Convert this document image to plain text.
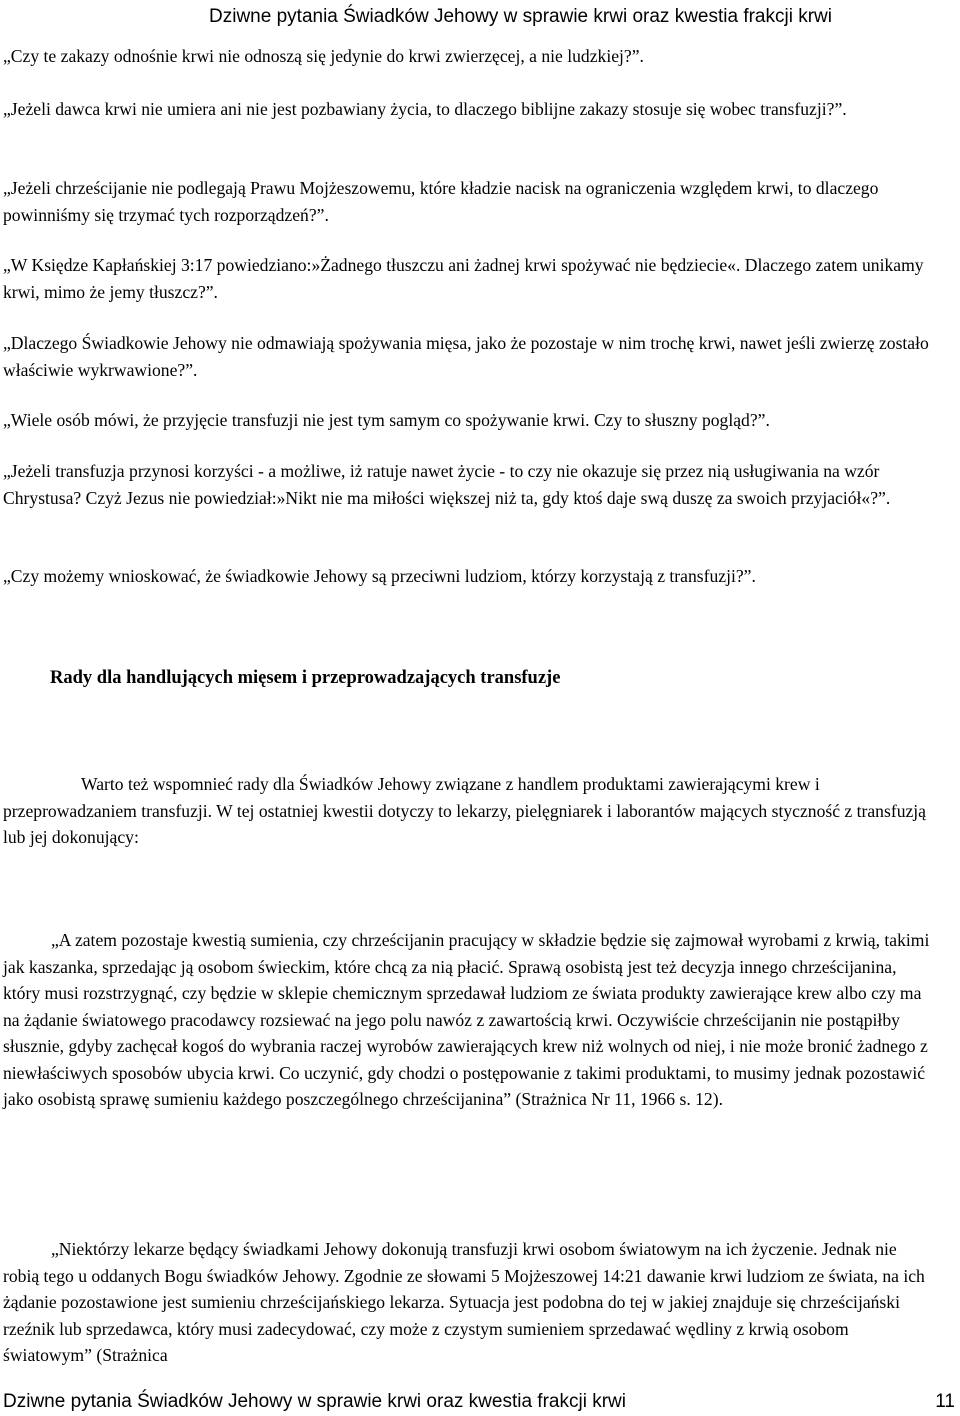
Dziwne pytania Świadków Jehowy w sprawie krwi oraz kwestia frakcji krwi

„Czy te zakazy odnośnie krwi nie odnoszą się jedynie do krwi zwierzęcej, a nie ludzkiej?”.

„Jeżeli dawca krwi nie umiera ani nie jest pozbawiany życia, to dlaczego biblijne zakazy stosuje się wobec transfuzji?”.

„Jeżeli chrześcijanie nie podlegają Prawu Mojżeszowemu, które kładzie nacisk na ograniczenia względem krwi, to dlaczego powinniśmy się trzymać tych rozporządzeń?”.

„W Księdze Kapłańskiej 3:17 powiedziano:»Żadnego tłuszczu ani żadnej krwi spożywać nie będziecie«. Dlaczego zatem unikamy krwi, mimo że jemy tłuszcz?”.

„Dlaczego Świadkowie Jehowy nie odmawiają spożywania mięsa, jako że pozostaje w nim trochę krwi, nawet jeśli zwierzę zostało właściwie wykrwawione?”.

„Wiele osób mówi, że przyjęcie transfuzji nie jest tym samym co spożywanie krwi. Czy to słuszny pogląd?”.

„Jeżeli transfuzja przynosi korzyści - a możliwe, iż ratuje nawet życie - to czy nie okazuje się przez nią usługiwania na wzór Chrystusa? Czyż Jezus nie powiedział:»Nikt nie ma miłości większej niż ta, gdy ktoś daje swą duszę za swoich przyjaciół«?”.

„Czy możemy wnioskować, że świadkowie Jehowy są przeciwni ludziom, którzy korzystają z transfuzji?”.

Rady dla handlujących mięsem i przeprowadzających transfuzje

Warto też wspomnieć rady dla Świadków Jehowy związane z handlem produktami zawierającymi krew i przeprowadzaniem transfuzji. W tej ostatniej kwestii dotyczy to lekarzy, pielęgniarek i laborantów mających styczność z transfuzją lub jej dokonujący:

„A zatem pozostaje kwestią sumienia, czy chrześcijanin pracujący w składzie będzie się zajmował wyrobami z krwią, takimi jak kaszanka, sprzedając ją osobom świeckim, które chcą za nią płacić. Sprawą osobistą jest też decyzja innego chrześcijanina, który musi rozstrzygnąć, czy będzie w sklepie chemicznym sprzedawał ludziom ze świata produkty zawierające krew albo czy ma na żądanie światowego pracodawcy rozsiewać na jego polu nawóz z zawartością krwi. Oczywiście chrześcijanin nie postąpiłby słusznie, gdyby zachęcał kogoś do wybrania raczej wyrobów zawierających krew niż wolnych od niej, i nie może bronić żadnego z niewłaściwych sposobów ubycia krwi. Co uczynić, gdy chodzi o postępowanie z takimi produktami, to musimy jednak pozostawić jako osobistą sprawę sumieniu każdego poszczególnego chrześcijanina” (Strażnica Nr 11, 1966 s. 12).

„Niektórzy lekarze będący świadkami Jehowy dokonują transfuzji krwi osobom światowym na ich życzenie. Jednak nie robią tego u oddanych Bogu świadków Jehowy. Zgodnie ze słowami 5 Mojżeszowej 14:21 dawanie krwi ludziom ze świata, na ich żądanie pozostawione jest sumieniu chrześcijańskiego lekarza. Sytuacja jest podobna do tej w jakiej znajduje się chrześcijański rzeźnik lub sprzedawca, który musi zadecydować, czy może z czystym sumieniem sprzedawać wędliny z krwią osobom światowym” (Strażnica

Dziwne pytania Świadków Jehowy w sprawie krwi oraz kwestia frakcji krwi	11
